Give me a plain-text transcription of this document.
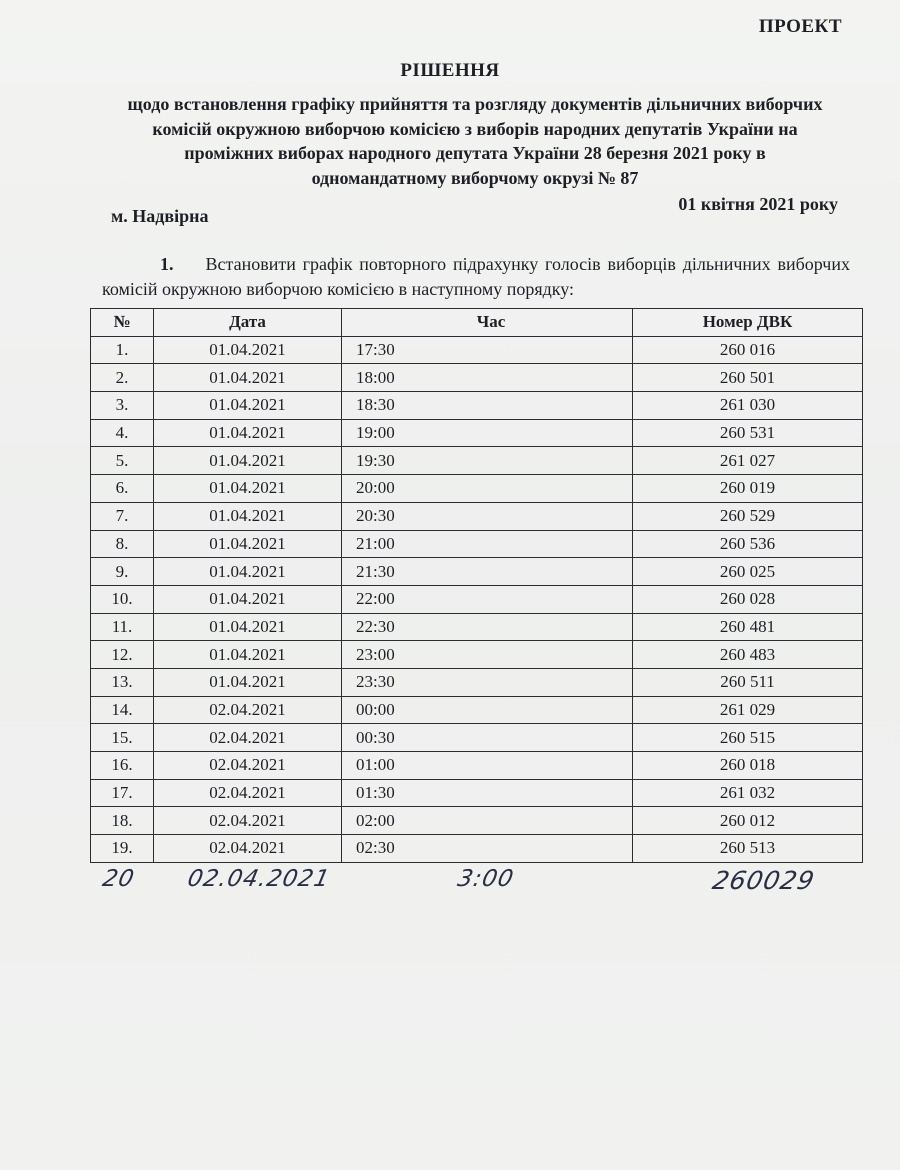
ПРОЕКТ
РІШЕННЯ
щодо встановлення графіку прийняття та розгляду документів дільничних виборчих
комісій окружною виборчою комісією з виборів народних депутатів України на
проміжних виборах народного депутата України 28 березня 2021 року в
одномандатному виборчому окрузі № 87
м. Надвірна
01 квітня 2021 року
1. Встановити графік повторного підрахунку голосів виборців дільничних виборчих комісій окружною виборчою комісією в наступному порядку:
№	Дата	Час	Номер ДВК
1.	01.04.2021	17:30	260 016
2.	01.04.2021	18:00	260 501
3.	01.04.2021	18:30	261 030
4.	01.04.2021	19:00	260 531
5.	01.04.2021	19:30	261 027
6.	01.04.2021	20:00	260 019
7.	01.04.2021	20:30	260 529
8.	01.04.2021	21:00	260 536
9.	01.04.2021	21:30	260 025
10.	01.04.2021	22:00	260 028
11.	01.04.2021	22:30	260 481
12.	01.04.2021	23:00	260 483
13.	01.04.2021	23:30	260 511
14.	02.04.2021	00:00	261 029
15.	02.04.2021	00:30	260 515
16.	02.04.2021	01:00	260 018
17.	02.04.2021	01:30	261 032
18.	02.04.2021	02:00	260 012
19.	02.04.2021	02:30	260 513
20 02.04.2021	3:00	260029
